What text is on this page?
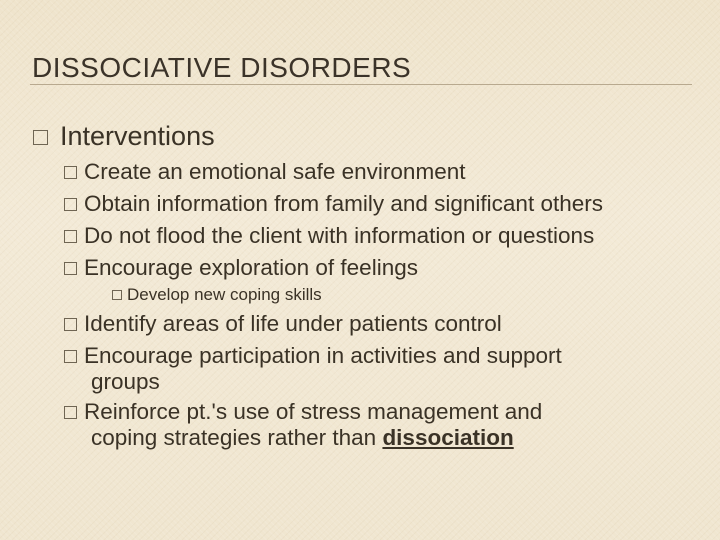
DISSOCIATIVE DISORDERS
Interventions
Create an emotional safe environment
Obtain information from family and significant others
Do not flood the client with information or questions
Encourage exploration of feelings
Develop new coping skills
Identify areas of life under patients control
Encourage participation in activities and support
groups
Reinforce pt.'s use of stress management and
coping strategies rather than dissociation
